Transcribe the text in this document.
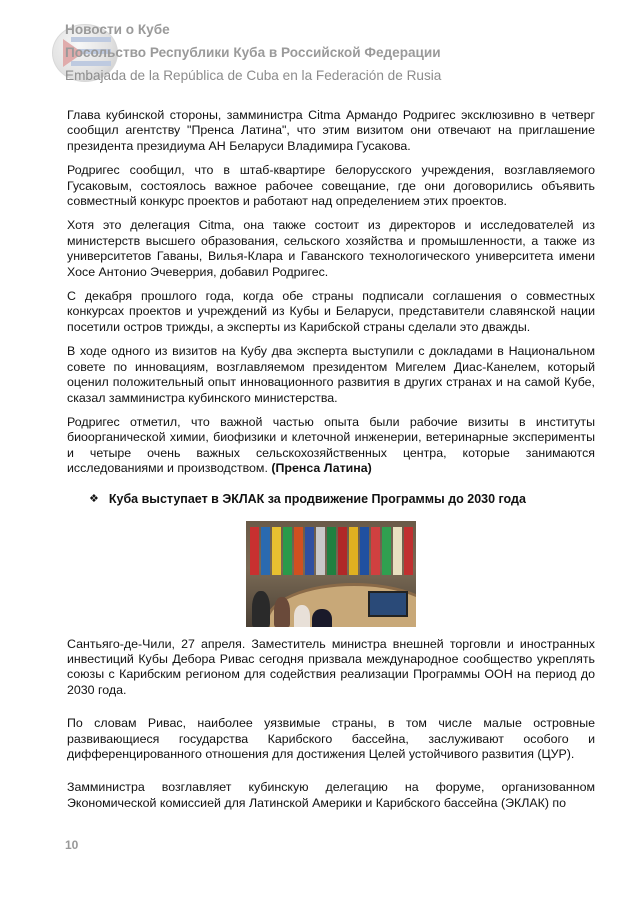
Новости о Кубе
Посольство Республики Куба в Российской Федерации
Embajada de la República de Cuba en la Federación de Rusia

Глава кубинской стороны, замминистра Citma Армандо Родригес эксклюзивно в четверг сообщил агентству "Пренса Латина", что этим визитом они отвечают на приглашение президента президиума АН Беларуси Владимира Гусакова.

Родригес сообщил, что в штаб-квартире белорусского учреждения, возглавляемого Гусаковым, состоялось важное рабочее совещание, где они договорились объявить совместный конкурс проектов и работают над определением этих проектов.

Хотя это делегация Citma, она также состоит из директоров и исследователей из министерств высшего образования, сельского хозяйства и промышленности, а также из университетов Гаваны, Вилья-Клара и Гаванского технологического университета имени Хосе Антонио Эчеверрия, добавил Родригес.

С декабря прошлого года, когда обе страны подписали соглашения о совместных конкурсах проектов и учреждений из Кубы и Беларуси, представители славянской нации посетили остров трижды, а эксперты из Карибской страны сделали это дважды.

В ходе одного из визитов на Кубу два эксперта выступили с докладами в Национальном совете по инновациям, возглавляемом президентом Мигелем Диас-Канелем, который оценил положительный опыт инновационного развития в других странах и на самой Кубе, сказал замминистра кубинского министерства.

Родригес отметил, что важной частью опыта были рабочие визиты в институты биоорганической химии, биофизики и клеточной инженерии, ветеринарные эксперименты и четыре очень важных сельскохозяйственных центра, которые занимаются исследованиями и производством. (Пренса Латина)

❖ Куба выступает в ЭКЛАК за продвижение Программы до 2030 года

Сантьяго-де-Чили, 27 апреля. Заместитель министра внешней торговли и иностранных инвестиций Кубы Дебора Ривас сегодня призвала международное сообщество укреплять союзы с Карибским регионом для содействия реализации Программы ООН на период до 2030 года.

По словам Ривас, наиболее уязвимые страны, в том числе малые островные развивающиеся государства Карибского бассейна, заслуживают особого и дифференцированного отношения для достижения Целей устойчивого развития (ЦУР).

Замминистра возглавляет кубинскую делегацию на форуме, организованном Экономической комиссией для Латинской Америки и Карибского бассейна (ЭКЛАК) по

10
